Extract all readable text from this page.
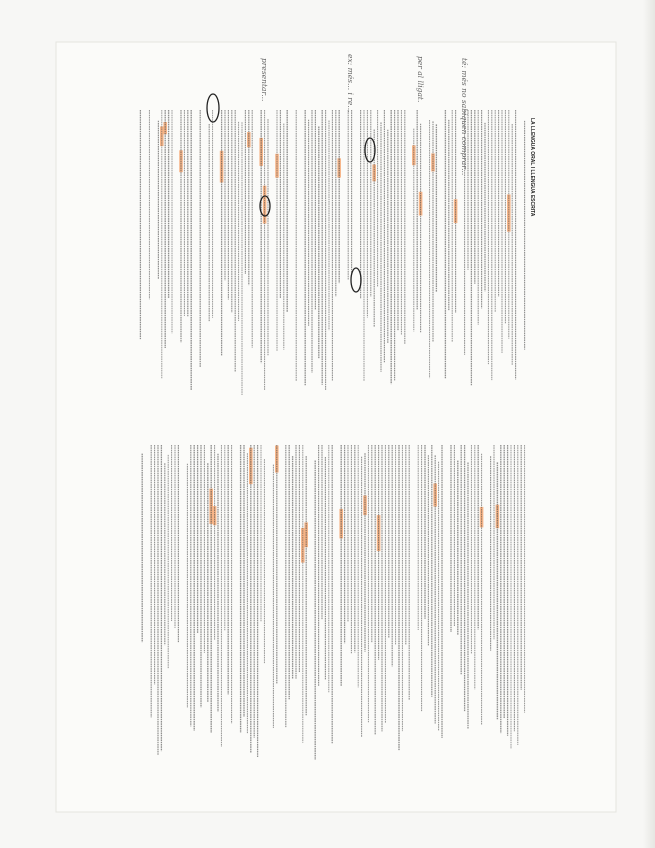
té: més no sabiquen comprar...
per al lligat.
ex: més... i re...
presentar...
LA LLENGUA ORAL I LLENGUA ESCRITA
